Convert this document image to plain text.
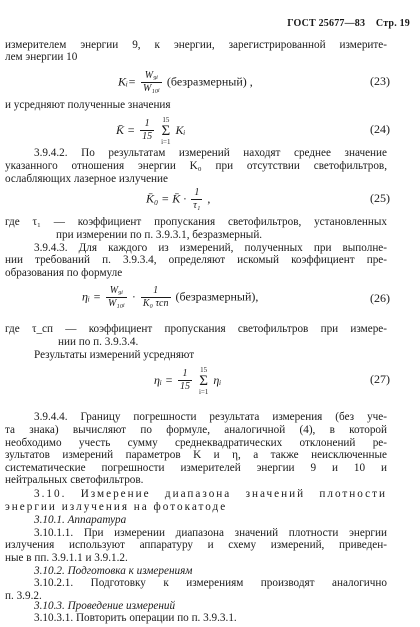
ГОСТ 25677—83 Стр. 19
измерителем энергии 9, к энергии, зарегистрированной измерите-
лем энергии 10
Kᵢ= $\frac{\text{W₉ᵢ}}{\text{W₁₀ᵢ}}$ (безразмерный) ,	(23)
и усредняют полученные значения
K̄ = $\frac{1}{15} 15$
Σ
i=1 Kᵢ	(24)
3.9.4.2. По результатам измерений находят среднее значение
указанного отношения энергии K₀ при отсутствии светофильтров,
ослабляющих лазерное излучение
K̄₀ = K̄ · $\frac{1}{\text{τ₁}}$ ,	(25)
где τ₁ — коэффициент пропускания светофильтров, установленных
при измерении по п. 3.9.3.1, безразмерный.
3.9.4.3. Для каждого из измерений, полученных при выполне-
нии требований п. 3.9.3.4, определяют искомый коэффициент пре-
образования по формуле
ηᵢ = $\frac{\text{W₉ᵢ}}{\text{W₁₀ᵢ}} \cdot \frac{1}{\text{K₀ τсп}}$ (безразмерный),	(26)
где τ_сп — коэффициент пропускания светофильтров при измере-
нии по п. 3.9.3.4.
Результаты измерений усредняют
ηᵢ = $\frac{1}{15} 15$
Σ
i=1 ηᵢ	(27)
3.9.4.4. Границу погрешности результата измерения (без уче-
та знака) вычисляют по формуле, аналогичной (4), в которой
необходимо учесть сумму среднеквадратических отклонений ре-
зультатов измерений параметров K и η, а также неисключенные
систематические погрешности измерителей энергии 9 и 10 и
нейтральных светофильтров.
3.10. Измерение диапазона значений плотности
энергии излучения на фотокатоде
3.10.1. Аппаратура
3.10.1.1. При измерении диапазона значений плотности энергии
излучения используют аппаратуру и схему измерений, приведен-
ные в пп. 3.9.1.1 и 3.9.1.2.
3.10.2. Подготовка к измерениям
3.10.2.1. Подготовку к измерениям производят аналогично
п. 3.9.2.
3.10.3. Проведение измерений
3.10.3.1. Повторить операции по п. 3.9.3.1.
